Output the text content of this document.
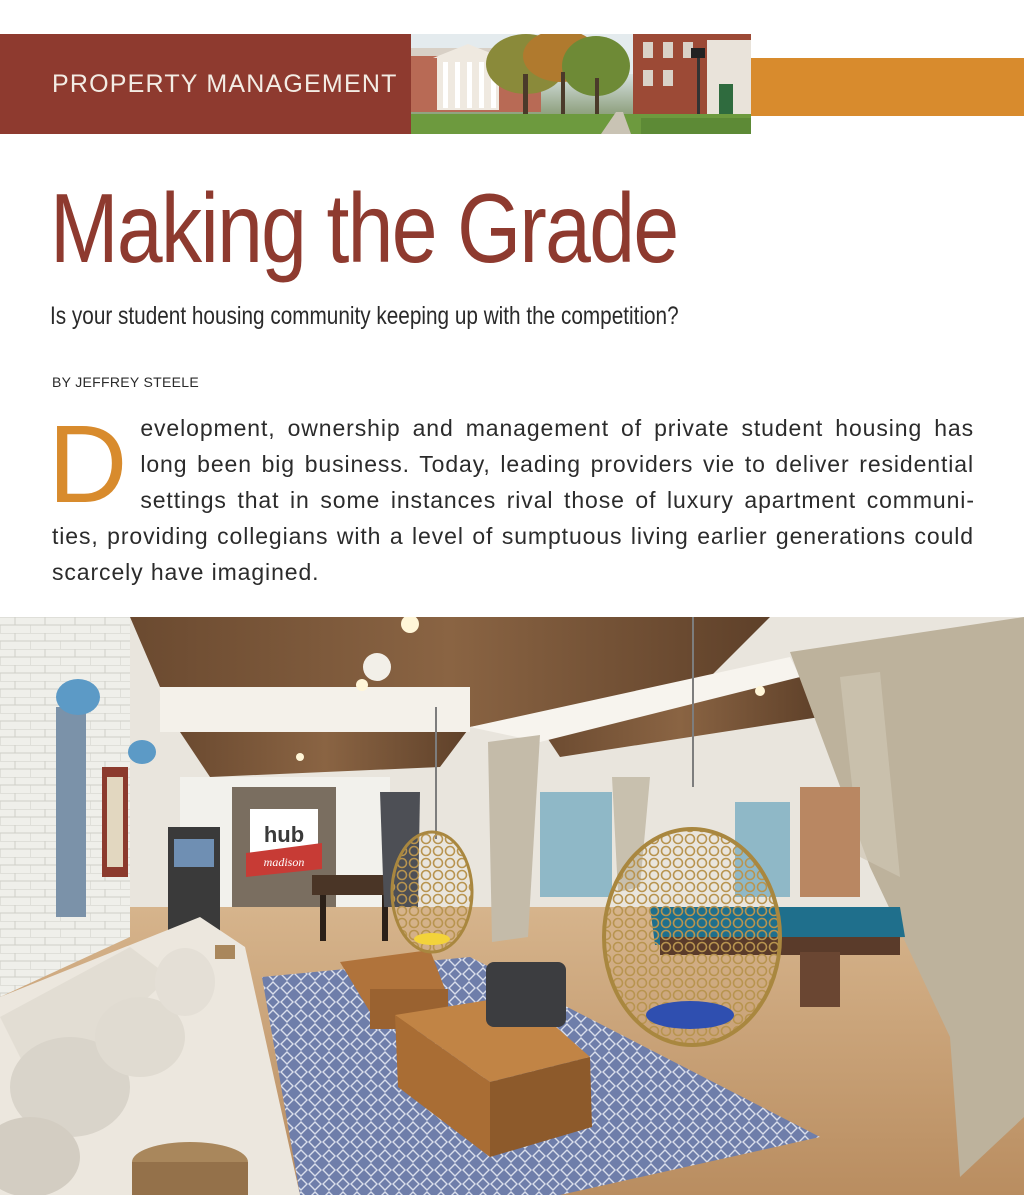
PROPERTY MANAGEMENT
Making the Grade

Is your student housing community keeping up with the competition?

BY JEFFREY STEELE

Development, ownership and management of private student housing has long been big business. Today, leading providers vie to deliver residential settings that in some instances rival those of luxury apartment communities, providing collegians with a level of sumptuous living earlier generations could scarcely have imagined.

hub
madison
